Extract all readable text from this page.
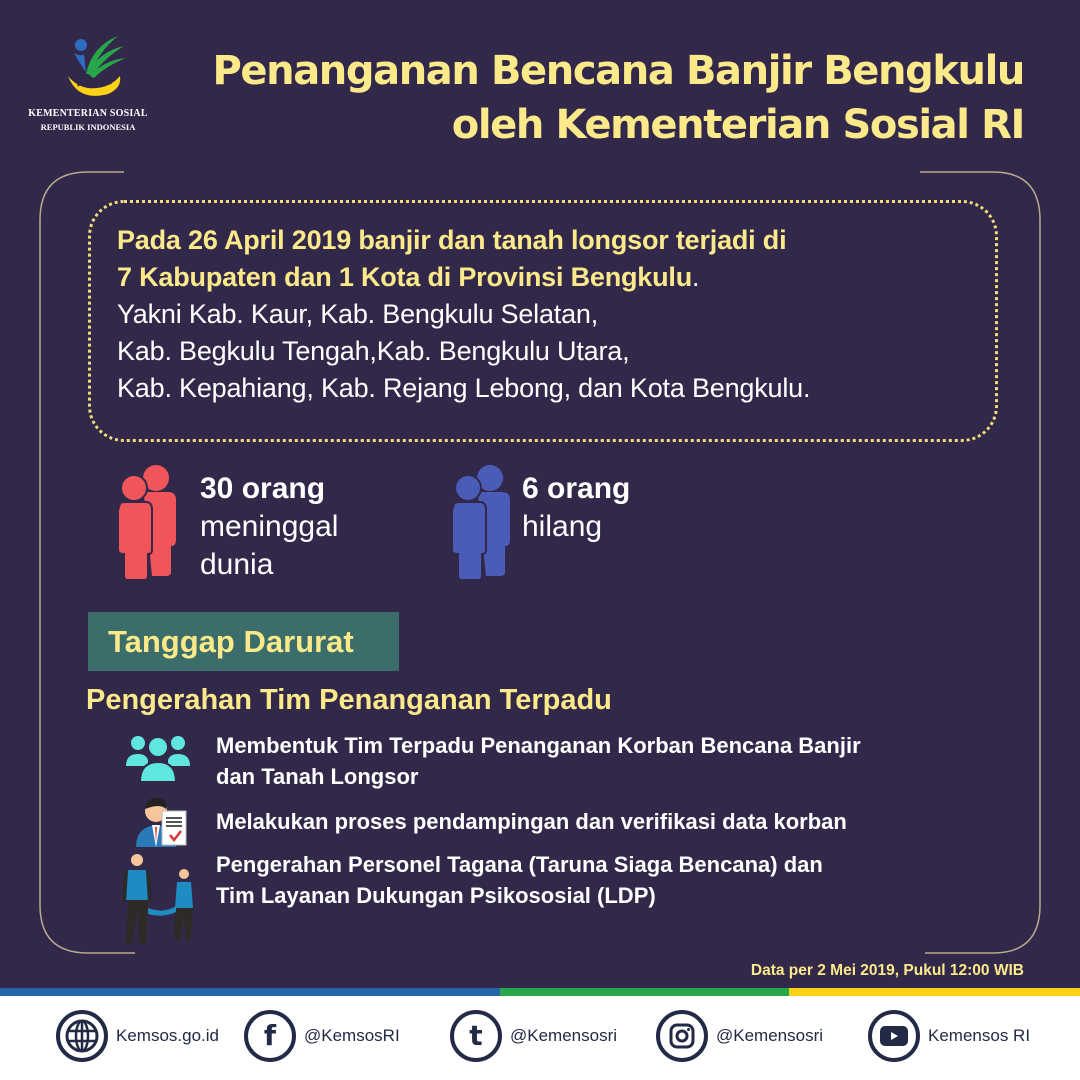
KEMENTERIAN SOSIAL
REPUBLIK INDONESIA
Penanganan Bencana Banjir Bengkulu
oleh Kementerian Sosial RI
Pada 26 April 2019 banjir dan tanah longsor terjadi di
7 Kabupaten dan 1 Kota di Provinsi Bengkulu.
Yakni Kab. Kaur, Kab. Bengkulu Selatan,
Kab. Begkulu Tengah,Kab. Bengkulu Utara,
Kab. Kepahiang, Kab. Rejang Lebong, dan Kota Bengkulu.
30 orang
meninggal
dunia
6 orang
hilang
Tanggap Darurat
Pengerahan Tim Penanganan Terpadu
Membentuk Tim Terpadu Penanganan Korban Bencana Banjir
dan Tanah Longsor
Melakukan proses pendampingan dan verifikasi data korban
Pengerahan Personel Tagana (Taruna Siaga Bencana) dan
Tim Layanan Dukungan Psikososial (LDP)
Data per 2 Mei 2019, Pukul 12:00 WIB
Kemsos.go.id f @KemsosRI t @Kemensosri	@Kemensosri	Kemensos RI
